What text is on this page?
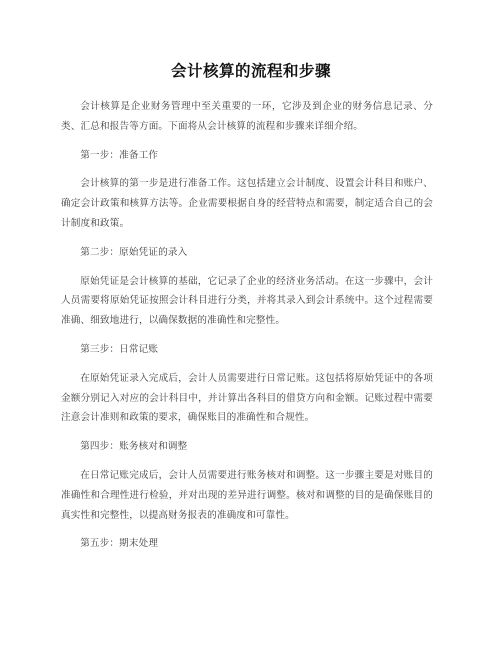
会计核算的流程和步骤

会计核算是企业财务管理中至关重要的一环，它涉及到企业的财务信息记录、分类、汇总和报告等方面。下面将从会计核算的流程和步骤来详细介绍。

第一步：准备工作

会计核算的第一步是进行准备工作。这包括建立会计制度、设置会计科目和账户、确定会计政策和核算方法等。企业需要根据自身的经营特点和需要，制定适合自己的会计制度和政策。

第二步：原始凭证的录入

原始凭证是会计核算的基础，它记录了企业的经济业务活动。在这一步骤中，会计人员需要将原始凭证按照会计科目进行分类，并将其录入到会计系统中。这个过程需要准确、细致地进行，以确保数据的准确性和完整性。

第三步：日常记账

在原始凭证录入完成后，会计人员需要进行日常记账。这包括将原始凭证中的各项金额分别记入对应的会计科目中，并计算出各科目的借贷方向和金额。记账过程中需要注意会计准则和政策的要求，确保账目的准确性和合规性。

第四步：账务核对和调整

在日常记账完成后，会计人员需要进行账务核对和调整。这一步骤主要是对账目的准确性和合理性进行检验，并对出现的差异进行调整。核对和调整的目的是确保账目的真实性和完整性，以提高财务报表的准确度和可靠性。

第五步：期末处理
